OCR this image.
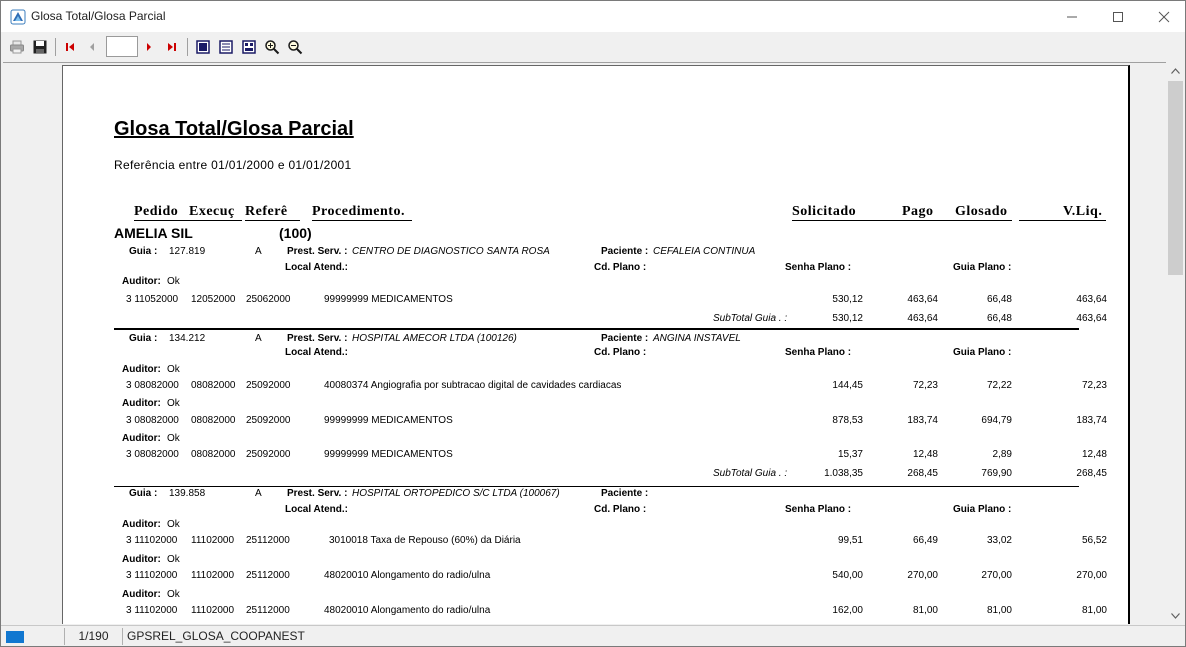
Glosa Total/Glosa Parcial
Glosa Total/Glosa Parcial
Referência entre 01/01/2000 e 01/01/2001
Pedido Execuç Referê Procedimento.	Solicitado	Pago Glosado	V.Liq.
AMELIA SIL	(100)
Guia : 127.819	A	Prest. Serv. : CENTRO DE DIAGNOSTICO SANTA ROSA	Paciente : CEFALEIA CONTINUA
Local Atend.:	Cd. Plano :	Senha Plano :	Guia Plano :
Auditor: Ok
3 11052000 12052000 25062000	99999999 MEDICAMENTOS	530,12	463,64	66,48	463,64
SubTotal Guia . :	530,12	463,64	66,48	463,64
Guia : 134.212	A	Prest. Serv. : HOSPITAL AMECOR LTDA (100126)	Paciente : ANGINA INSTAVEL
Local Atend.:	Cd. Plano :	Senha Plano :	Guia Plano :
Auditor: Ok
3 08082000 08082000 25092000	40080374 Angiografia por subtracao digital de cavidades cardiacas	144,45	72,23	72,22	72,23
Auditor: Ok
3 08082000 08082000 25092000	99999999 MEDICAMENTOS	878,53	183,74	694,79	183,74
Auditor: Ok
3 08082000 08082000 25092000	99999999 MEDICAMENTOS	15,37	12,48	2,89	12,48
SubTotal Guia . :	1.038,35	268,45	769,90	268,45
Guia : 139.858	A	Prest. Serv. : HOSPITAL ORTOPEDICO S/C LTDA (100067)	Paciente :
Local Atend.:	Cd. Plano :	Senha Plano :	Guia Plano :
Auditor: Ok
3 11102000 11102000 25112000	3010018 Taxa de Repouso (60%) da Diária	99,51	66,49	33,02	56,52
Auditor: Ok
3 11102000 11102000 25112000	48020010 Alongamento do radio/ulna	540,00	270,00	270,00	270,00
Auditor: Ok
3 11102000 11102000 25112000	48020010 Alongamento do radio/ulna	162,00	81,00	81,00	81,00
1/190	GPSREL_GLOSA_COOPANEST
